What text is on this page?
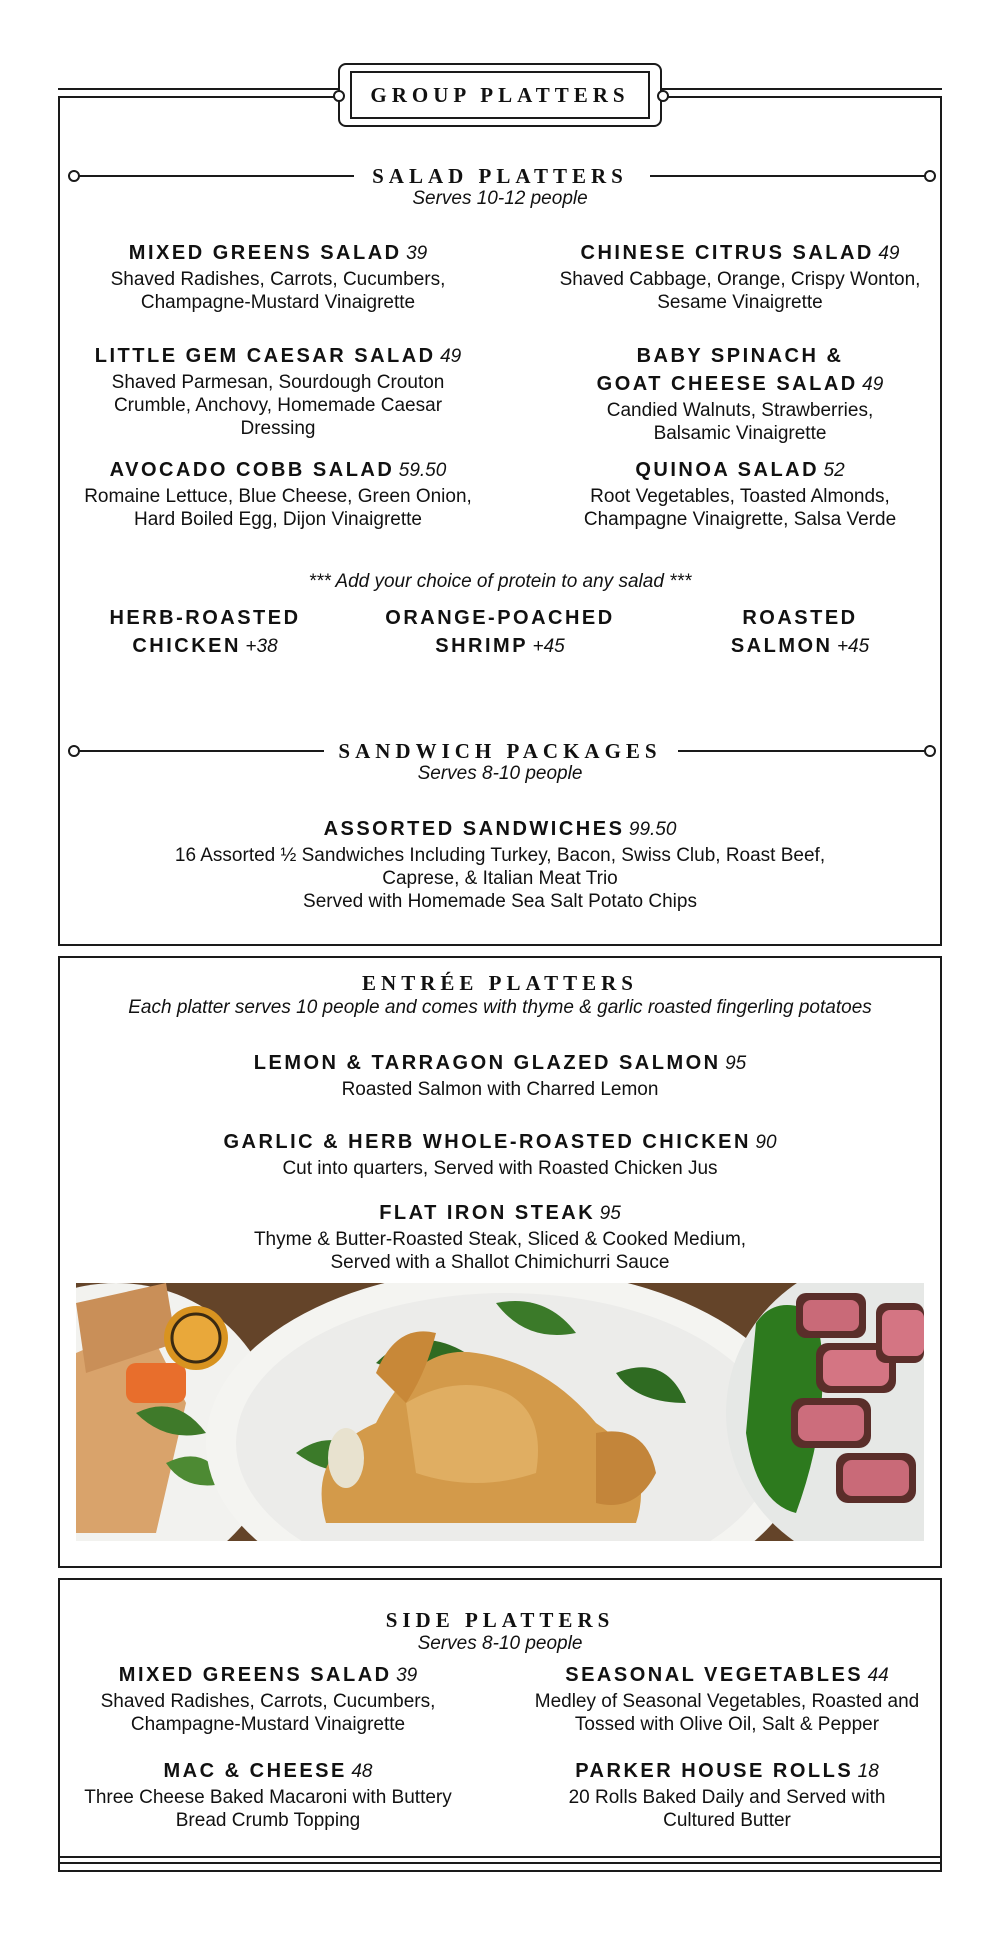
GROUP PLATTERS
SALAD PLATTERS
Serves 10-12 people
MIXED GREENS SALAD 39
Shaved Radishes, Carrots, Cucumbers,
Champagne-Mustard Vinaigrette
CHINESE CITRUS SALAD 49
Shaved Cabbage, Orange, Crispy Wonton,
Sesame Vinaigrette
LITTLE GEM CAESAR SALAD 49
Shaved Parmesan, Sourdough Crouton
Crumble, Anchovy, Homemade Caesar
Dressing
BABY SPINACH &
GOAT CHEESE SALAD 49
Candied Walnuts, Strawberries,
Balsamic Vinaigrette
AVOCADO COBB SALAD 59.50
Romaine Lettuce, Blue Cheese, Green Onion,
Hard Boiled Egg, Dijon Vinaigrette
QUINOA SALAD 52
Root Vegetables, Toasted Almonds,
Champagne Vinaigrette, Salsa Verde
*** Add your choice of protein to any salad ***
HERB-ROASTED
CHICKEN +38
ORANGE-POACHED
SHRIMP +45
ROASTED
SALMON +45
SANDWICH PACKAGES
Serves 8-10 people
ASSORTED SANDWICHES 99.50
16 Assorted ½ Sandwiches Including Turkey, Bacon, Swiss Club, Roast Beef,
Caprese, & Italian Meat Trio
Served with Homemade Sea Salt Potato Chips
ENTRÉE PLATTERS
Each platter serves 10 people and comes with thyme & garlic roasted fingerling potatoes
LEMON & TARRAGON GLAZED SALMON 95
Roasted Salmon with Charred Lemon
GARLIC & HERB WHOLE-ROASTED CHICKEN 90
Cut into quarters, Served with Roasted Chicken Jus
FLAT IRON STEAK 95
Thyme & Butter-Roasted Steak, Sliced & Cooked Medium,
Served with a Shallot Chimichurri Sauce
SIDE PLATTERS
Serves 8-10 people
MIXED GREENS SALAD 39
Shaved Radishes, Carrots, Cucumbers,
Champagne-Mustard Vinaigrette
SEASONAL VEGETABLES 44
Medley of Seasonal Vegetables, Roasted and
Tossed with Olive Oil, Salt & Pepper
MAC & CHEESE 48
Three Cheese Baked Macaroni with Buttery
Bread Crumb Topping
PARKER HOUSE ROLLS 18
20 Rolls Baked Daily and Served with
Cultured Butter
